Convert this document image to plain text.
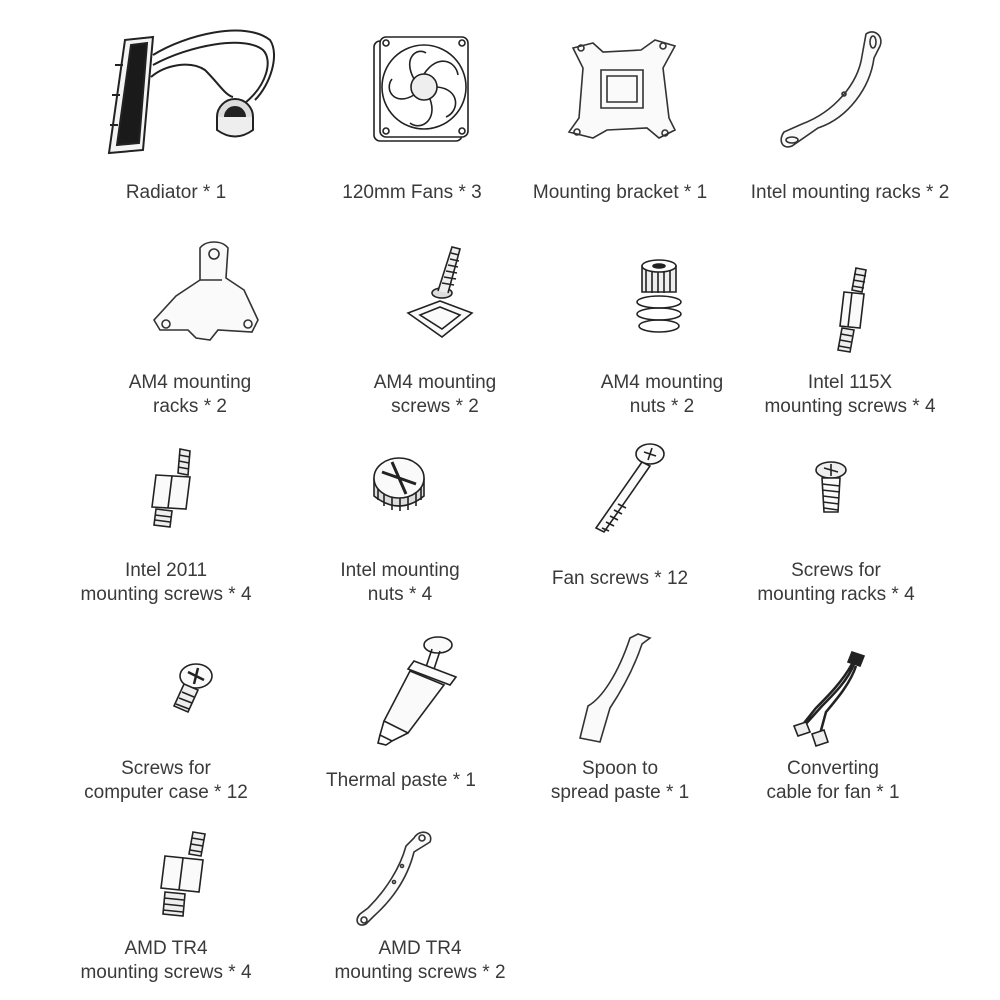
Radiator * 1	120mm Fans * 3	Mounting bracket * 1 Intel mounting racks * 2
AM4 mounting
racks * 2
AM4 mounting
screws * 2
AM4 mounting
nuts * 2
Intel 115X
mounting screws * 4
Intel 2011
mounting screws * 4
Intel mounting
nuts * 4
Fan screws * 12	Screws for
mounting racks * 4
Screws for
computer case * 12
Thermal paste * 1
Spoon to
spread paste * 1
Converting
cable for fan * 1
AMD TR4
mounting screws * 4
AMD TR4
mounting screws * 2
